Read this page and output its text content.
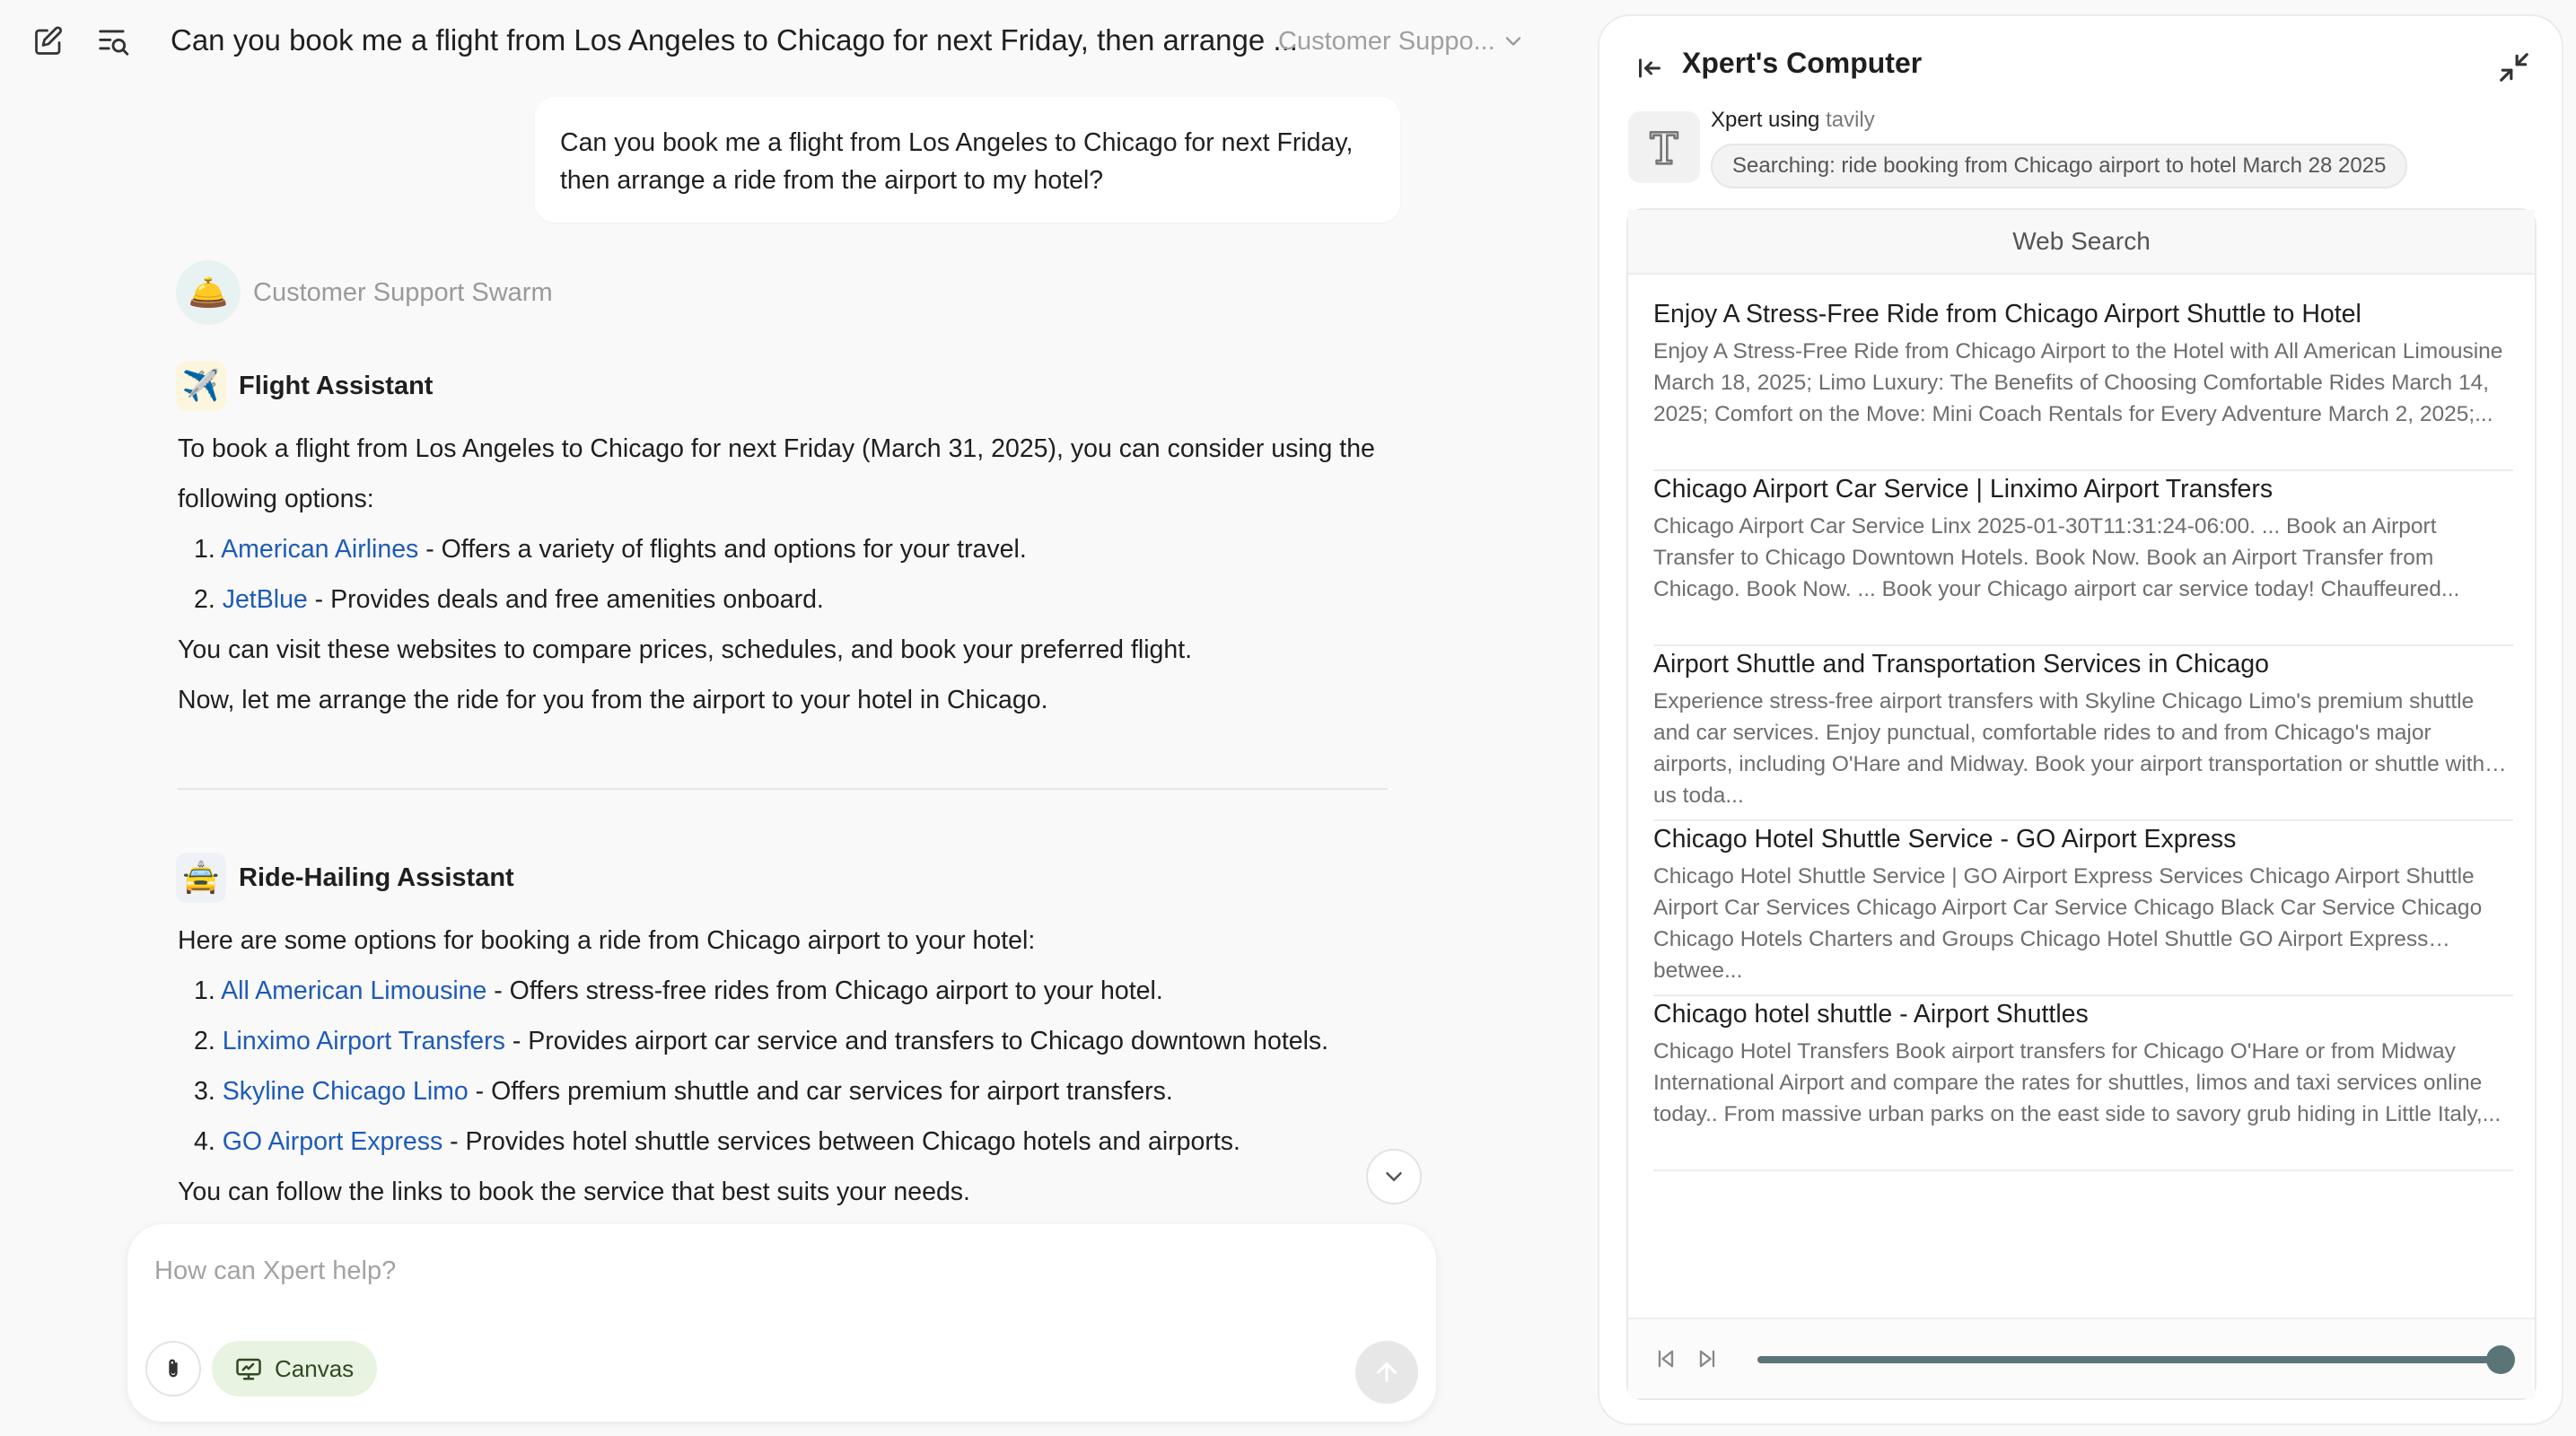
Can you book me a flight from Los Angeles to Chicago for next Friday, then arrange ...
Customer Suppo...
Can you book me a flight from Los Angeles to Chicago for next Friday,
then arrange a ride from the airport to my hotel?
🛎️ Customer Support Swarm
✈️ Flight Assistant
To book a flight from Los Angeles to Chicago for next Friday (March 31, 2025), you can consider using the
following options:
1. American Airlines - Offers a variety of flights and options for your travel.
2. JetBlue - Provides deals and free amenities onboard.
You can visit these websites to compare prices, schedules, and book your preferred flight.
Now, let me arrange the ride for you from the airport to your hotel in Chicago.
🚖 Ride-Hailing Assistant
Here are some options for booking a ride from Chicago airport to your hotel:
1. All American Limousine - Offers stress-free rides from Chicago airport to your hotel.
2. Linximo Airport Transfers - Provides airport car service and transfers to Chicago downtown hotels.
3. Skyline Chicago Limo - Offers premium shuttle and car services for airport transfers.
4. GO Airport Express - Provides hotel shuttle services between Chicago hotels and airports.
You can follow the links to book the service that best suits your needs.
How can Xpert help?
Canvas
Xpert's Computer
Xpert using tavily
Searching: ride booking from Chicago airport to hotel March 28 2025
Web Search
Enjoy A Stress-Free Ride from Chicago Airport Shuttle to Hotel
Enjoy A Stress-Free Ride from Chicago Airport to the Hotel with All American Limousine March 18, 2025; Limo Luxury: The Benefits of Choosing Comfortable Rides March 14, 2025; Comfort on the Move: Mini Coach Rentals for Every Adventure March 2, 2025;...
Chicago Airport Car Service | Linximo Airport Transfers
Chicago Airport Car Service Linx 2025-01-30T11:31:24-06:00. ... Book an Airport Transfer to Chicago Downtown Hotels. Book Now. Book an Airport Transfer from Chicago. Book Now. ... Book your Chicago airport car service today! Chauffeured...
Airport Shuttle and Transportation Services in Chicago
Experience stress-free airport transfers with Skyline Chicago Limo's premium shuttle and car services. Enjoy punctual, comfortable rides to and from Chicago's major airports, including O'Hare and Midway. Book your airport transportation or shuttle with us toda...
Chicago Hotel Shuttle Service - GO Airport Express
Chicago Hotel Shuttle Service | GO Airport Express Services Chicago Airport Shuttle Airport Car Services Chicago Airport Car Service Chicago Black Car Service Chicago Chicago Hotels Charters and Groups Chicago Hotel Shuttle GO Airport Express betwee...
Chicago hotel shuttle - Airport Shuttles
Chicago Hotel Transfers Book airport transfers for Chicago O'Hare or from Midway International Airport and compare the rates for shuttles, limos and taxi services online today.. From massive urban parks on the east side to savory grub hiding in Little Italy,...
